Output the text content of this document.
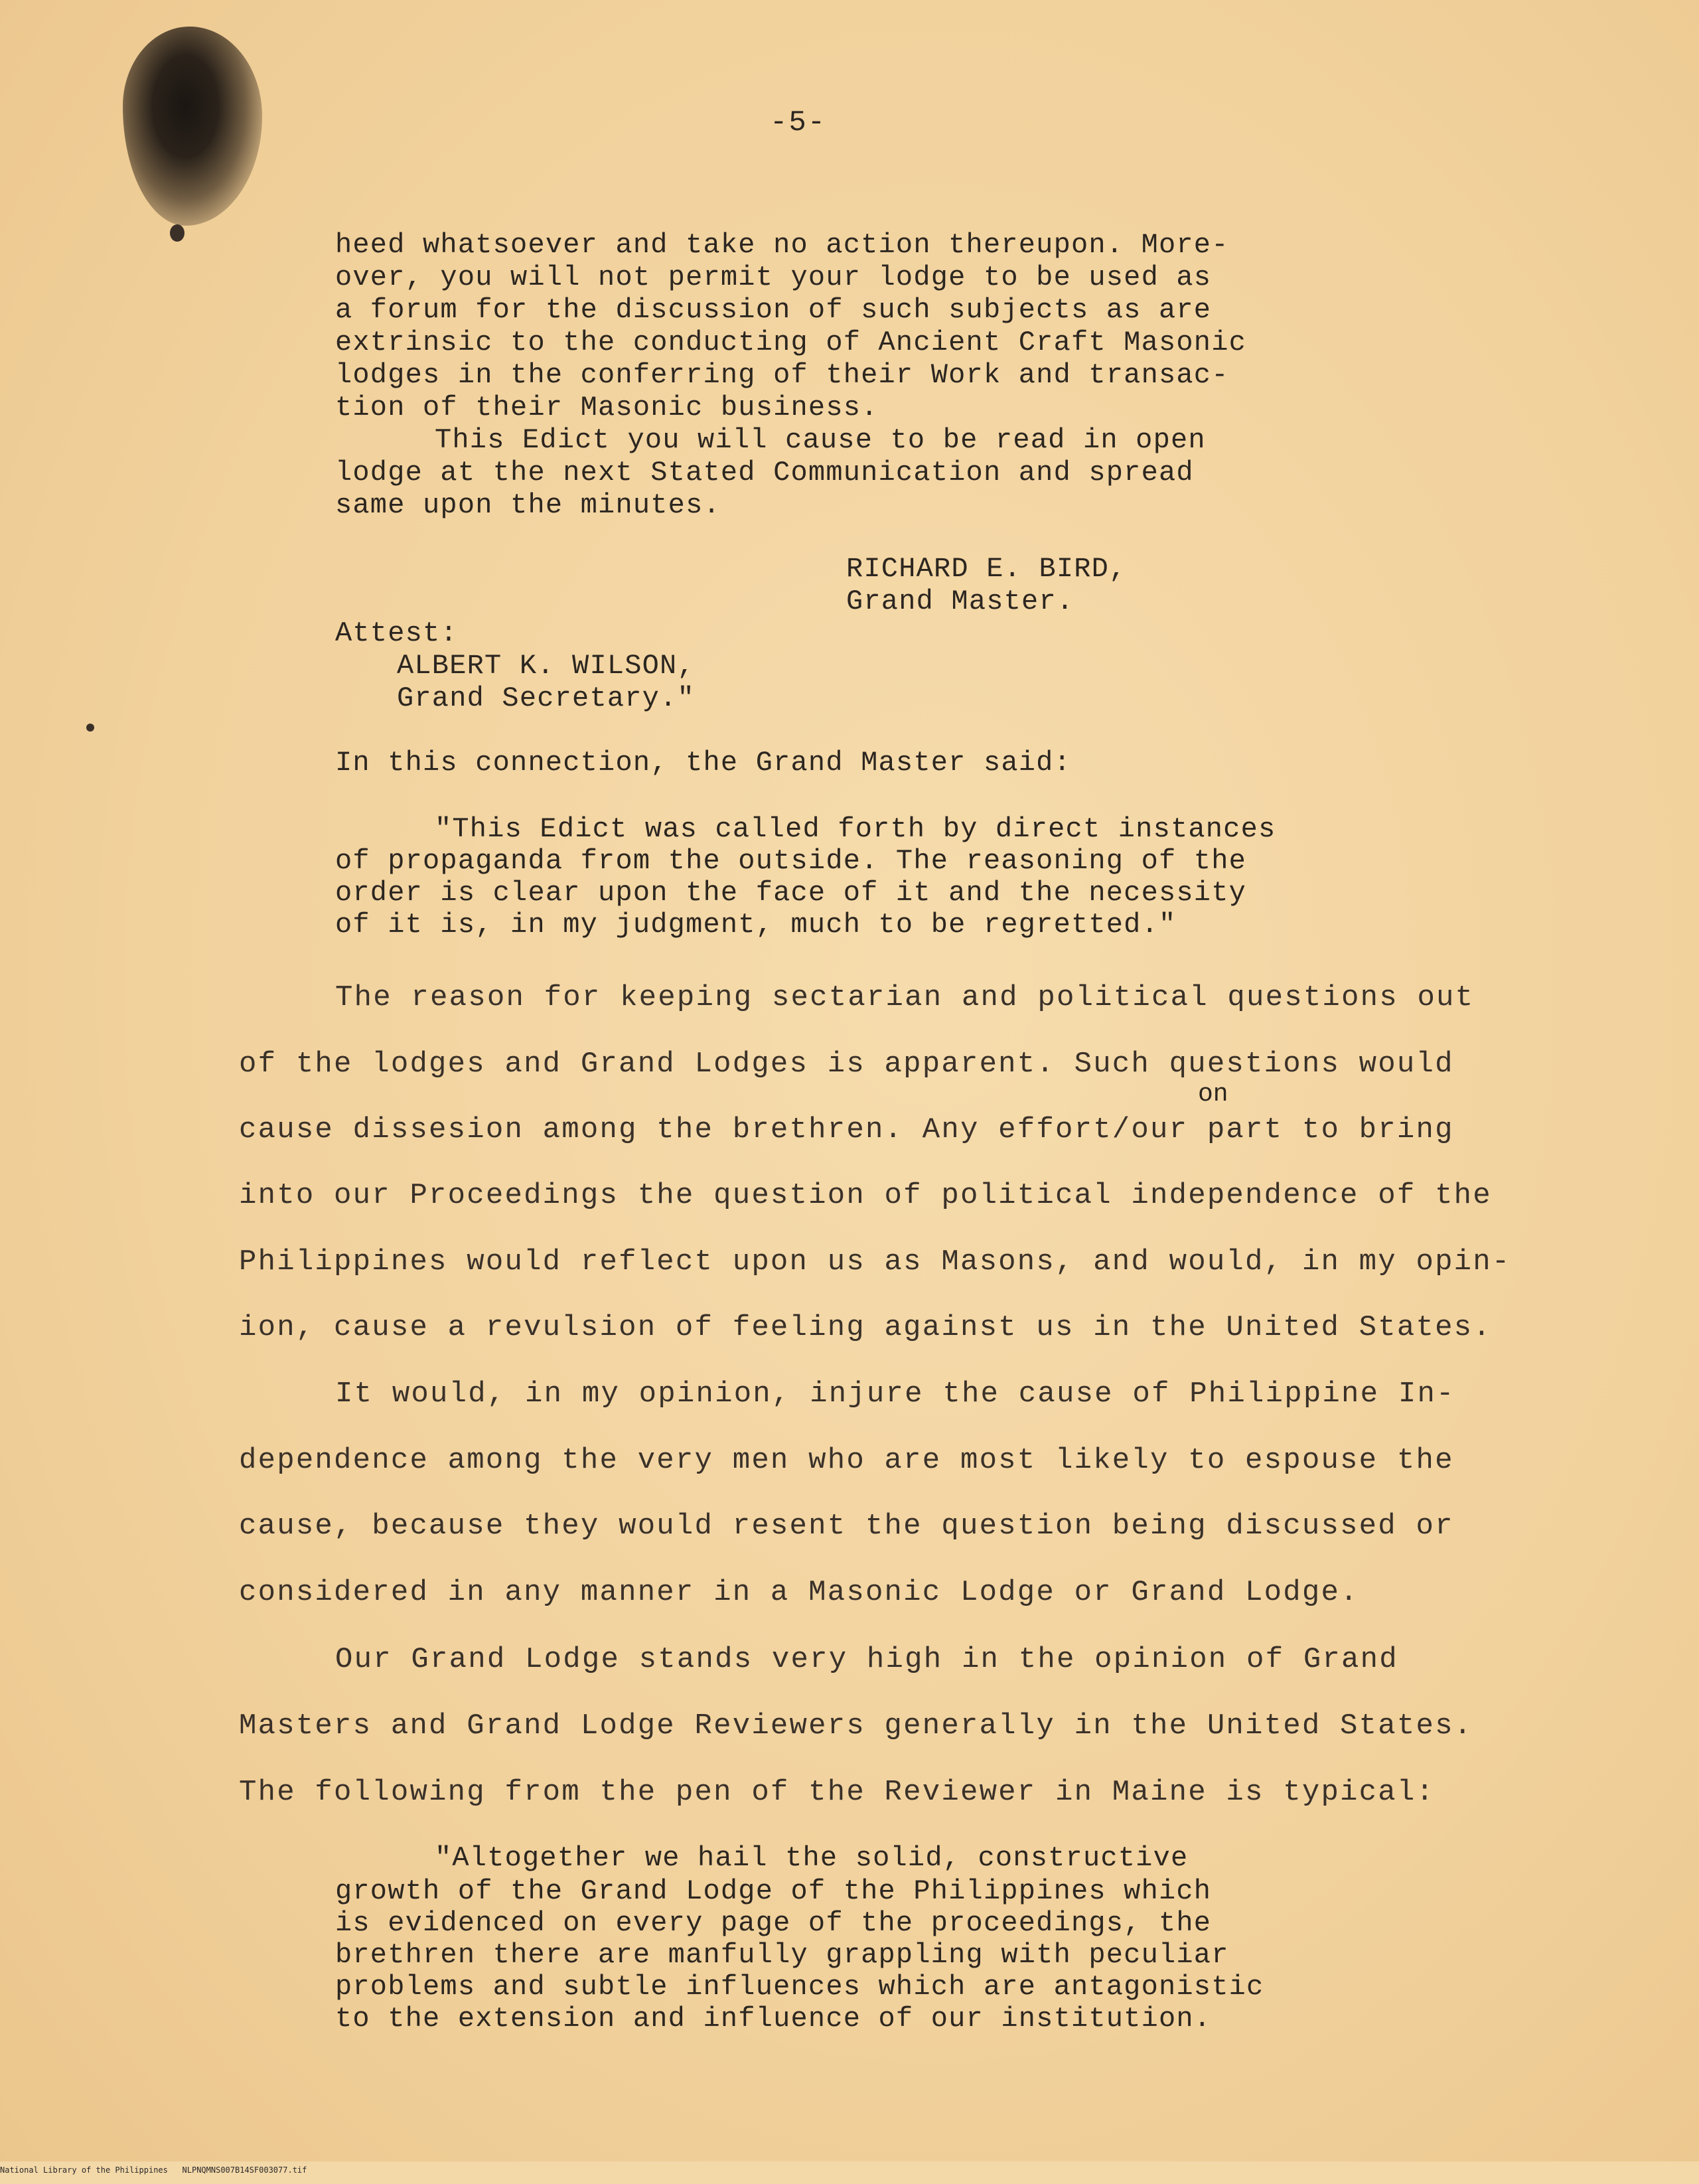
-5-
heed whatsoever and take no action thereupon. More-
over, you will not permit your lodge to be used as
a forum for the discussion of such subjects as are
extrinsic to the conducting of Ancient Craft Masonic
lodges in the conferring of their Work and transac-
tion of their Masonic business.
This Edict you will cause to be read in open
lodge at the next Stated Communication and spread
same upon the minutes.
RICHARD E. BIRD,
Grand Master.
Attest:
ALBERT K. WILSON,
Grand Secretary."
In this connection, the Grand Master said:
"This Edict was called forth by direct instances
of propaganda from the outside. The reasoning of the
order is clear upon the face of it and the necessity
of it is, in my judgment, much to be regretted."
The reason for keeping sectarian and political questions out
of the lodges and Grand Lodges is apparent. Such questions would
on
cause dissesion among the brethren. Any effort/our part to bring
into our Proceedings the question of political independence of the
Philippines would reflect upon us as Masons, and would, in my opin-
ion, cause a revulsion of feeling against us in the United States.
It would, in my opinion, injure the cause of Philippine In-
dependence among the very men who are most likely to espouse the
cause, because they would resent the question being discussed or
considered in any manner in a Masonic Lodge or Grand Lodge.
Our Grand Lodge stands very high in the opinion of Grand
Masters and Grand Lodge Reviewers generally in the United States.
The following from the pen of the Reviewer in Maine is typical:
"Altogether we hail the solid, constructive
growth of the Grand Lodge of the Philippines which
is evidenced on every page of the proceedings, the
brethren there are manfully grappling with peculiar
problems and subtle influences which are antagonistic
to the extension and influence of our institution.
National Library of the Philippines   NLPNQMNS007B14SF003077.tif
